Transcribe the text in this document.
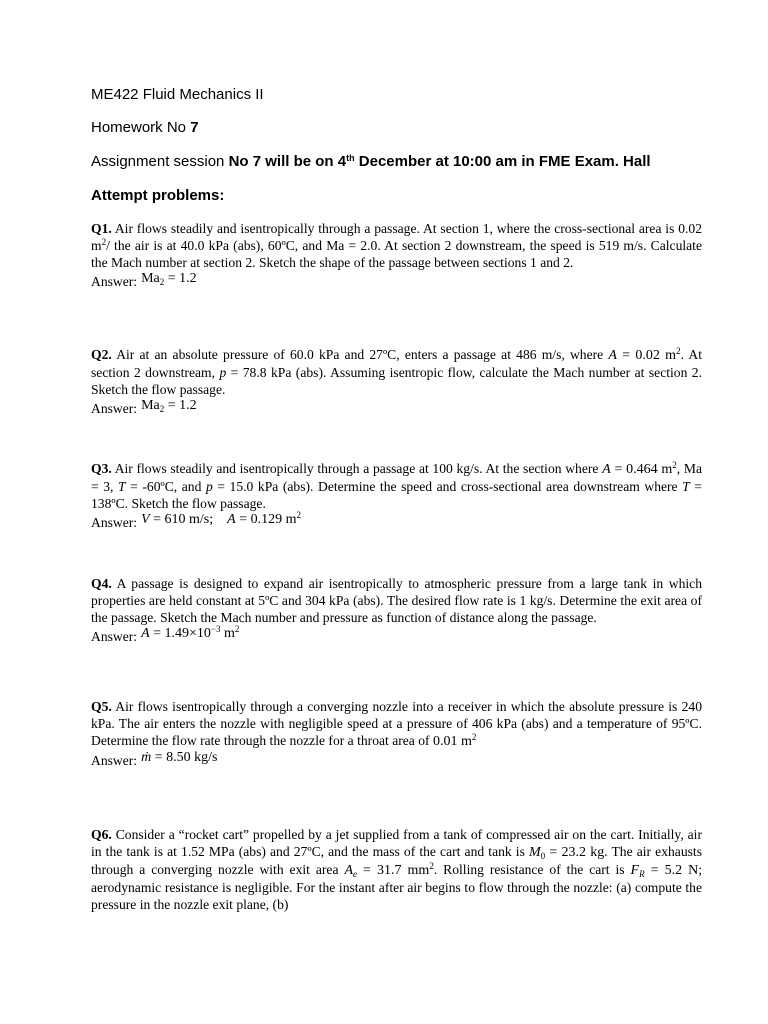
ME422 Fluid Mechanics II
Homework No 7
Assignment session No 7 will be on 4th December at 10:00 am in FME Exam. Hall
Attempt problems:

Q1. Air flows steadily and isentropically through a passage. At section 1, where the cross-sectional area is 0.02 $m^2/$ the air is at 40.0 kPa (abs), 60ºC, and Ma = 2.0. At section 2 downstream, the speed is 519 m/s. Calculate the Mach number at section 2. Sketch the shape of the passage between sections 1 and 2.

Answer: $Ma_2 = 1.2$

Q2. Air at an absolute pressure of 60.0 kPa and 27ºC, enters a passage at 486 m/s, where A = 0.02 $m^2$. At section 2 downstream, p = 78.8 kPa (abs). Assuming isentropic flow, calculate the Mach number at section 2. Sketch the flow passage.

Answer: $Ma_2 = 1.2$

Q3. Air flows steadily and isentropically through a passage at 100 kg/s. At the section where A = 0.464 $m^2$, Ma = 3, T = -60ºC, and p = 15.0 kPa (abs). Determine the speed and cross-sectional area downstream where T = 138ºC. Sketch the flow passage.

Answer: V = 610 m/s; A = 0.129 $m^2$

Q4. A passage is designed to expand air isentropically to atmospheric pressure from a large tank in which properties are held constant at 5ºC and 304 kPa (abs). The desired flow rate is 1 kg/s. Determine the exit area of the passage. Sketch the Mach number and pressure as function of distance along the passage.

Answer: $A = 1.49\times 10^{-3}$ $m^2$

Q5. Air flows isentropically through a converging nozzle into a receiver in which the absolute pressure is 240 kPa. The air enters the nozzle with negligible speed at a pressure of 406 kPa (abs) and a temperature of 95ºC. Determine the flow rate through the nozzle for a throat area of 0.01 $m^2$

Answer: ṁ = 8.50 kg/s

Q6. Consider a “rocket cart” propelled by a jet supplied from a tank of compressed air on the cart. Initially, air in the tank is at 1.52 MPa (abs) and 27ºC, and the mass of the cart and tank is $M_0 = 23.2$ kg. The air exhausts through a converging nozzle with exit area $A_e = 31.7$ $mm^2$. Rolling resistance of the cart is $F_R = 5.2$ N; aerodynamic resistance is negligible. For the instant after air begins to flow through the nozzle: (a) compute the pressure in the nozzle exit plane, (b)
